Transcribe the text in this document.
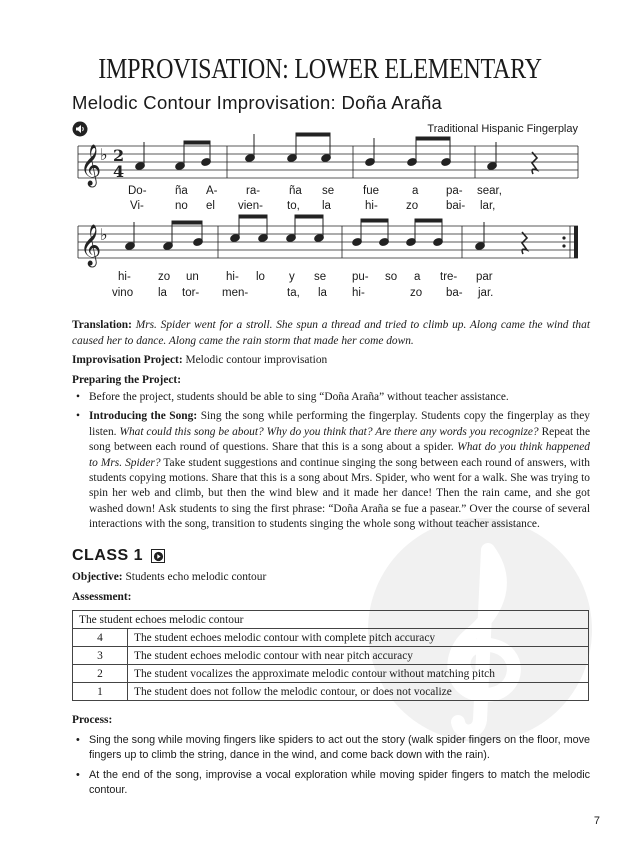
IMPROVISATION: LOWER ELEMENTARY
Melodic Contour Improvisation: Doña Araña
Traditional Hispanic Fingerplay
𝄞
𝄞
♭
♭
2
4
Do- ña A- ra-	ña se	fue	a pa- sear,
Vi-	no el vien- to, la	hi- zo bai- lar,
hi- zo un hi- lo y se pu- so a tre- par
vino la tor- men-	ta, la hi-	zo ba- jar.
Translation: Mrs. Spider went for a stroll. She spun a thread and tried to climb up. Along came the wind that caused her to dance. Along came the rain storm that made her come down.
Improvisation Project: Melodic contour improvisation
Preparing the Project:
• Before the project, students should be able to sing “Doña Araña” without teacher assistance.
• Introducing the Song: Sing the song while performing the fingerplay. Students copy the fingerplay as they listen. What could this song be about? Why do you think that? Are there any words you recognize? Repeat the song between each round of questions. Share that this is a song about a spider. What do you think happened to Mrs. Spider? Take student suggestions and continue singing the song between each round of answers, with students copying motions. Share that this is a song about Mrs. Spider, who went for a walk. She was trying to spin her web and climb, but then the wind blew and it made her dance! Then the rain came, and she got washed down! Ask students to sing the first phrase: “Doña Araña se fue a pasear.” Over the course of several interactions with the song, transition to students singing the whole song without teacher assistance.
CLASS 1
Objective: Students echo melodic contour
Assessment:
The student echoes melodic contour	
4	The student echoes melodic contour with complete pitch accuracy
3	The student echoes melodic contour with near pitch accuracy
2	The student vocalizes the approximate melodic contour without matching pitch
1	The student does not follow the melodic contour, or does not vocalize
Process:
• Sing the song while moving fingers like spiders to act out the story (walk spider fingers on the floor, move fingers up to climb the string, dance in the wind, and come back down with the rain).
• At the end of the song, improvise a vocal exploration while moving spider fingers to match the melodic contour.
7
